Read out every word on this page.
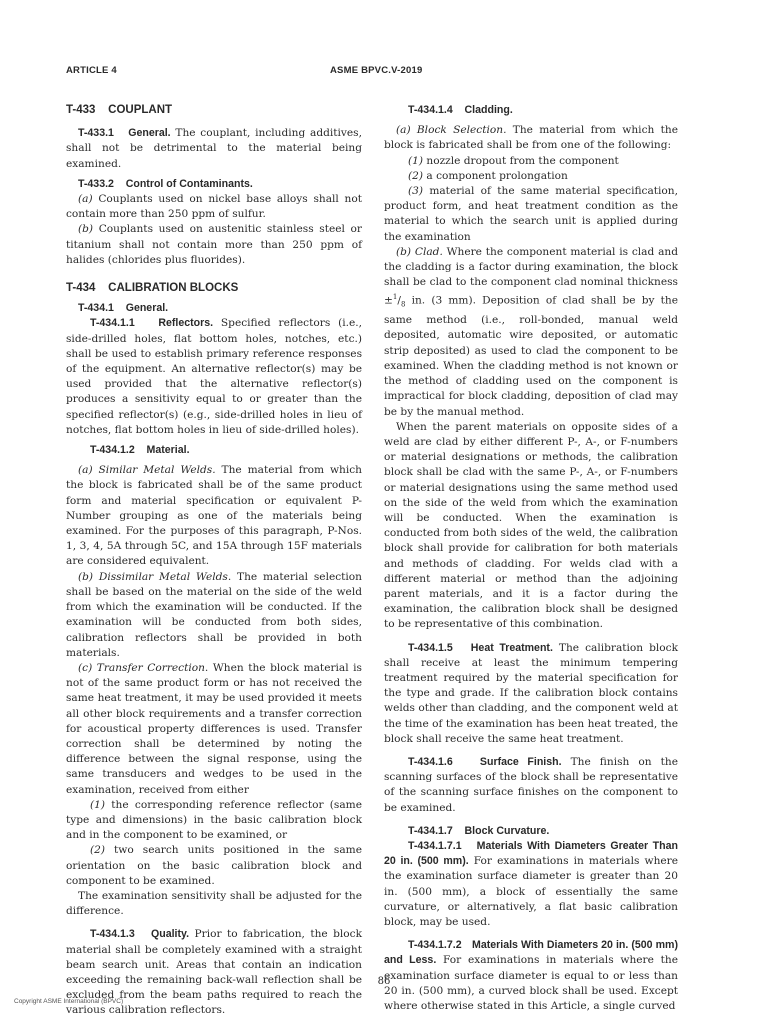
ARTICLE 4	ASME BPVC.V-2019

T-433    COUPLANT

T-433.1 General. The couplant, including additives, shall not be detrimental to the material being examined.

T-433.2    Control of Contaminants.

(a) Couplants used on nickel base alloys shall not contain more than 250 ppm of sulfur.

(b) Couplants used on austenitic stainless steel or titanium shall not contain more than 250 ppm of halides (chlorides plus fluorides).

T-434    CALIBRATION BLOCKS

T-434.1    General.

T-434.1.1 Reflectors. Specified reflectors (i.e., side-drilled holes, flat bottom holes, notches, etc.) shall be used to establish primary reference responses of the equipment. An alternative reflector(s) may be used provided that the alternative reflector(s) produces a sensitivity equal to or greater than the specified reflector(s) (e.g., side-drilled holes in lieu of notches, flat bottom holes in lieu of side-drilled holes).

T-434.1.2    Material.

(a) Similar Metal Welds. The material from which the block is fabricated shall be of the same product form and material specification or equivalent P-Number grouping as one of the materials being examined. For the purposes of this paragraph, P-Nos. 1, 3, 4, 5A through 5C, and 15A through 15F materials are considered equivalent.

(b) Dissimilar Metal Welds. The material selection shall be based on the material on the side of the weld from which the examination will be conducted. If the examination will be conducted from both sides, calibration reflectors shall be provided in both materials.

(c) Transfer Correction. When the block material is not of the same product form or has not received the same heat treatment, it may be used provided it meets all other block requirements and a transfer correction for acoustical property differences is used. Transfer correction shall be determined by noting the difference between the signal response, using the same transducers and wedges to be used in the examination, received from either

(1) the corresponding reference reflector (same type and dimensions) in the basic calibration block and in the component to be examined, or

(2) two search units positioned in the same orientation on the basic calibration block and component to be examined.

The examination sensitivity shall be adjusted for the difference.

T-434.1.3 Quality. Prior to fabrication, the block material shall be completely examined with a straight beam search unit. Areas that contain an indication exceeding the remaining back-wall reflection shall be excluded from the beam paths required to reach the various calibration reflectors.

T-434.1.4    Cladding.

(a) Block Selection. The material from which the block is fabricated shall be from one of the following:

(1) nozzle dropout from the component

(2) a component prolongation

(3) material of the same material specification, product form, and heat treatment condition as the material to which the search unit is applied during the examination

(b) Clad. Where the component material is clad and the cladding is a factor during examination, the block shall be clad to the component clad nominal thickness $\pm^1/_8$ in. (3 mm). Deposition of clad shall be by the same method (i.e., roll-bonded, manual weld deposited, automatic wire deposited, or automatic strip deposited) as used to clad the component to be examined. When the cladding method is not known or the method of cladding used on the component is impractical for block cladding, deposition of clad may be by the manual method.

When the parent materials on opposite sides of a weld are clad by either different P-, A-, or F-numbers or material designations or methods, the calibration block shall be clad with the same P-, A-, or F-numbers or material designations using the same method used on the side of the weld from which the examination will be conducted. When the examination is conducted from both sides of the weld, the calibration block shall provide for calibration for both materials and methods of cladding. For welds clad with a different material or method than the adjoining parent materials, and it is a factor during the examination, the calibration block shall be designed to be representative of this combination.

T-434.1.5 Heat Treatment. The calibration block shall receive at least the minimum tempering treatment required by the material specification for the type and grade. If the calibration block contains welds other than cladding, and the component weld at the time of the examination has been heat treated, the block shall receive the same heat treatment.

T-434.1.6	Surface Finish. The finish on the scanning surfaces of the block shall be representative of the scanning surface finishes on the component to be examined.

T-434.1.7    Block Curvature.

T-434.1.7.1 Materials With Diameters Greater Than 20 in. (500 mm). For examinations in materials where the examination surface diameter is greater than 20 in. (500 mm), a block of essentially the same curvature, or alternatively, a flat basic calibration block, may be used.

T-434.1.7.2 Materials With Diameters 20 in. (500 mm) and Less. For examinations in materials where the examination surface diameter is equal to or less than 20 in. (500 mm), a curved block shall be used. Except where otherwise stated in this Article, a single curved

86
Copyright ASME International (BPVC)
